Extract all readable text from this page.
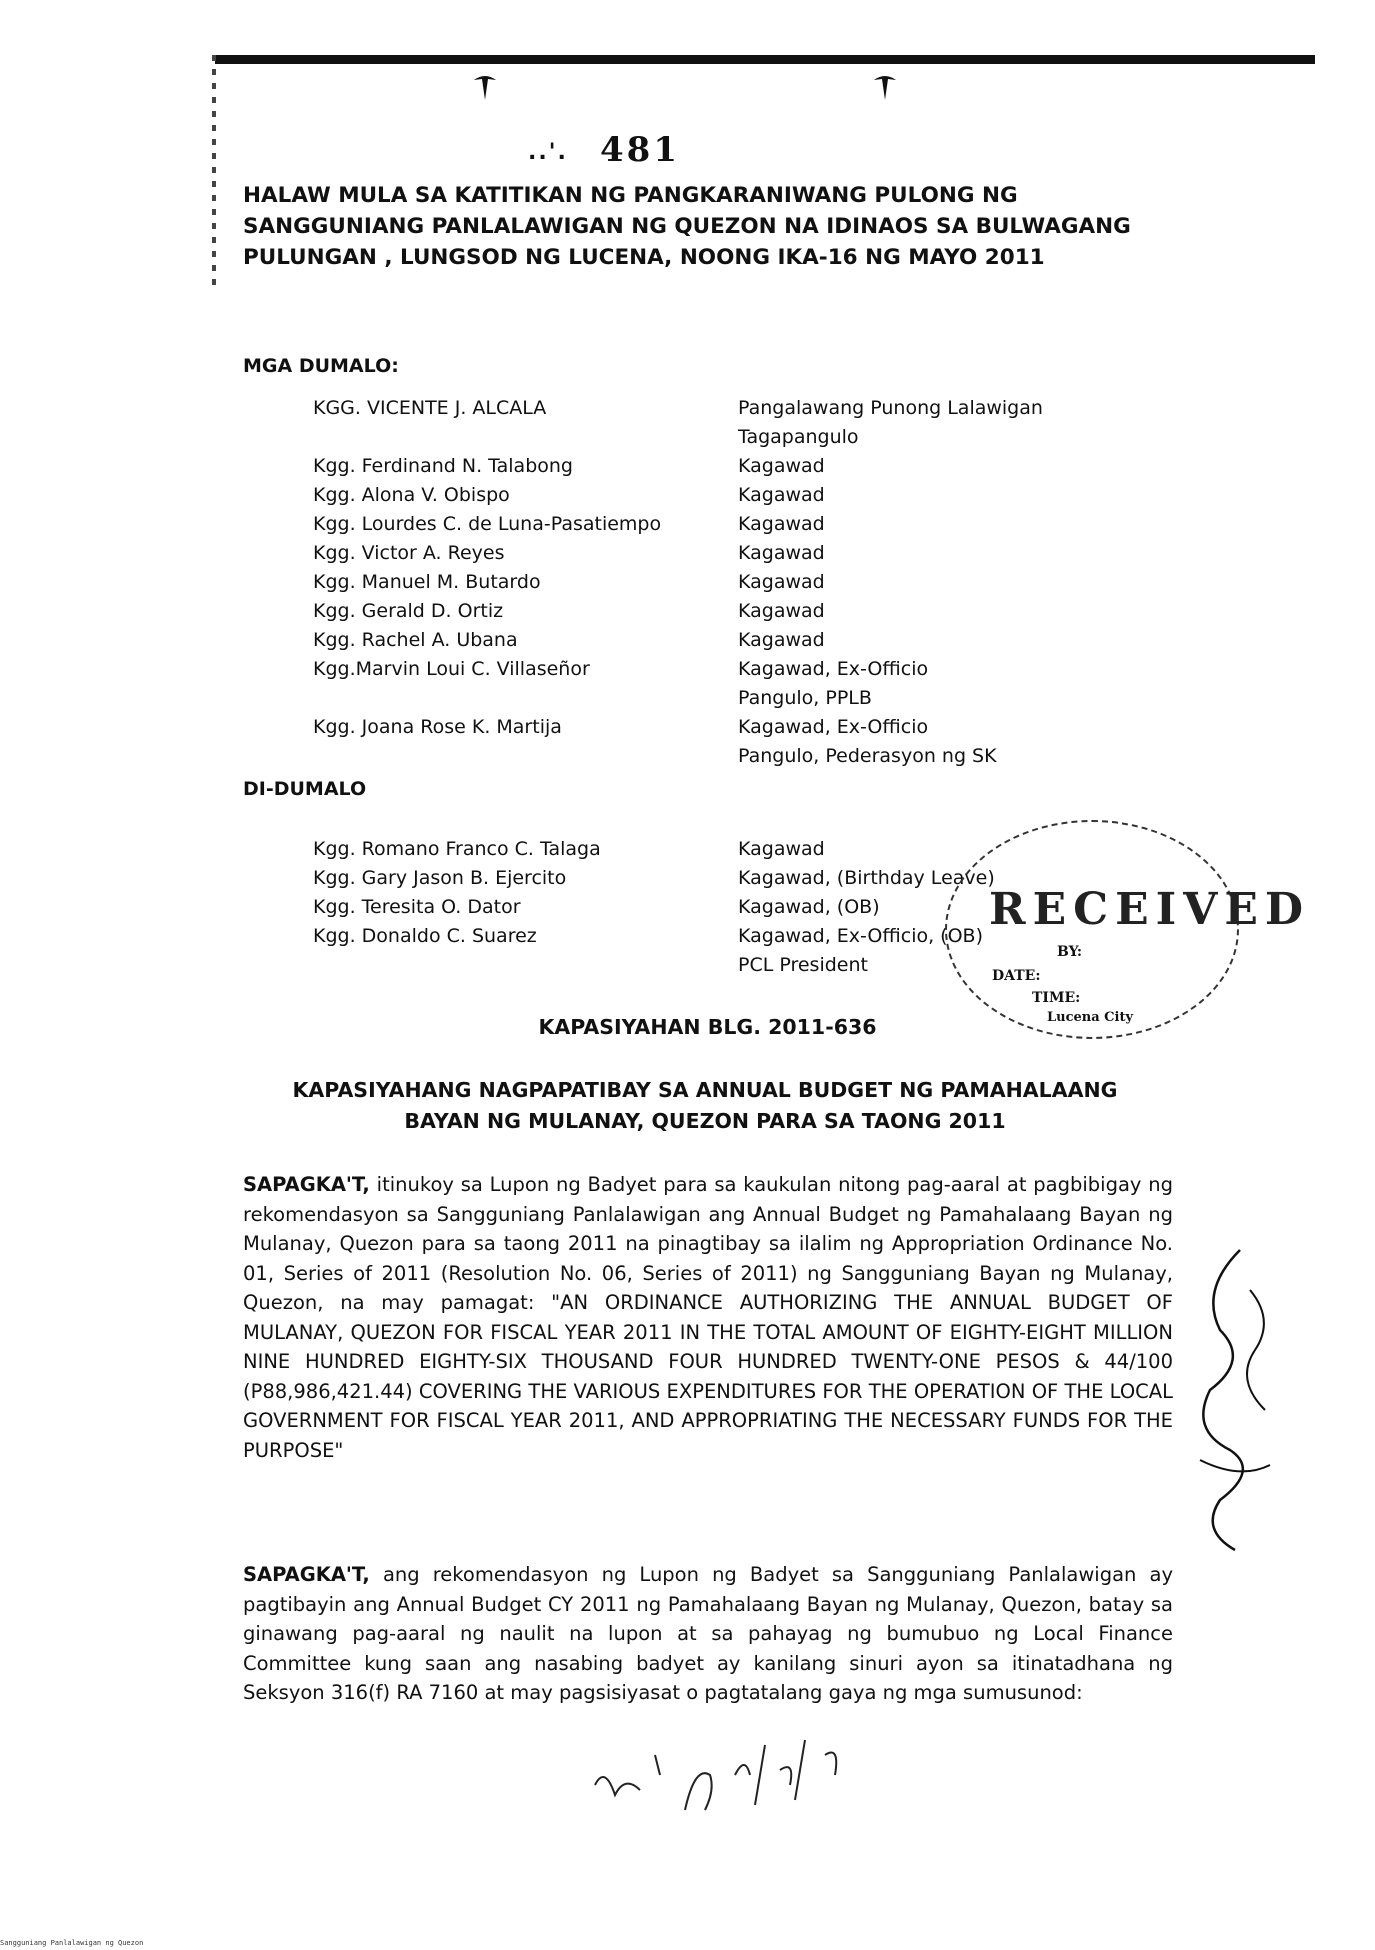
..'. 481
HALAW MULA SA KATITIKAN NG PANGKARANIWANG PULONG NG
SANGGUNIANG PANLALAWIGAN NG QUEZON NA IDINAOS SA BULWAGANG
PULUNGAN , LUNGSOD NG LUCENA, NOONG IKA-16 NG MAYO 2011
MGA DUMALO:
KGG. VICENTE J. ALCALA	Pangalawang Punong Lalawigan
Tagapangulo
Kgg. Ferdinand N. Talabong	Kagawad
Kgg. Alona V. Obispo	Kagawad
Kgg. Lourdes C. de Luna-Pasatiempo	Kagawad
Kgg. Victor A. Reyes	Kagawad
Kgg. Manuel M. Butardo	Kagawad
Kgg. Gerald D. Ortiz	Kagawad
Kgg. Rachel A. Ubana	Kagawad
Kgg.Marvin Loui C. Villaseñor	Kagawad, Ex-Officio
Pangulo, PPLB
Kgg. Joana Rose K. Martija	Kagawad, Ex-Officio
Pangulo, Pederasyon ng SK
DI-DUMALO
Kgg. Romano Franco C. Talaga	Kagawad
Kgg. Gary Jason B. Ejercito	Kagawad, (Birthday Leave)
Kgg. Teresita O. Dator	Kagawad, (OB)
Kgg. Donaldo C. Suarez	Kagawad, Ex-Officio, (OB)
PCL President
RECEIVED
BY:
DATE:
TIME:
Lucena City
KAPASIYAHAN BLG. 2011-636
KAPASIYAHANG NAGPAPATIBAY SA ANNUAL BUDGET NG PAMAHALAANG
BAYAN NG MULANAY, QUEZON PARA SA TAONG 2011
SAPAGKA'T, itinukoy sa Lupon ng Badyet para sa kaukulan nitong pag-aaral at pagbibigay ng rekomendasyon sa Sangguniang Panlalawigan ang Annual Budget ng Pamahalaang Bayan ng Mulanay, Quezon para sa taong 2011 na pinagtibay sa ilalim ng Appropriation Ordinance No. 01, Series of 2011 (Resolution No. 06, Series of 2011) ng Sangguniang Bayan ng Mulanay, Quezon, na may pamagat: "AN ORDINANCE AUTHORIZING THE ANNUAL BUDGET OF MULANAY, QUEZON FOR FISCAL YEAR 2011 IN THE TOTAL AMOUNT OF EIGHTY-EIGHT MILLION NINE HUNDRED EIGHTY-SIX THOUSAND FOUR HUNDRED TWENTY-ONE PESOS & 44/100 (P88,986,421.44) COVERING THE VARIOUS EXPENDITURES FOR THE OPERATION OF THE LOCAL GOVERNMENT FOR FISCAL YEAR 2011, AND APPROPRIATING THE NECESSARY FUNDS FOR THE PURPOSE"
SAPAGKA'T, ang rekomendasyon ng Lupon ng Badyet sa Sangguniang Panlalawigan ay pagtibayin ang Annual Budget CY 2011 ng Pamahalaang Bayan ng Mulanay, Quezon, batay sa ginawang pag-aaral ng naulit na lupon at sa pahayag ng bumubuo ng Local Finance Committee kung saan ang nasabing badyet ay kanilang sinuri ayon sa itinatadhana ng Seksyon 316(f) RA 7160 at may pagsisiyasat o pagtatalang gaya ng mga sumusunod:
Sangguniang Panlalawigan ng Quezon
